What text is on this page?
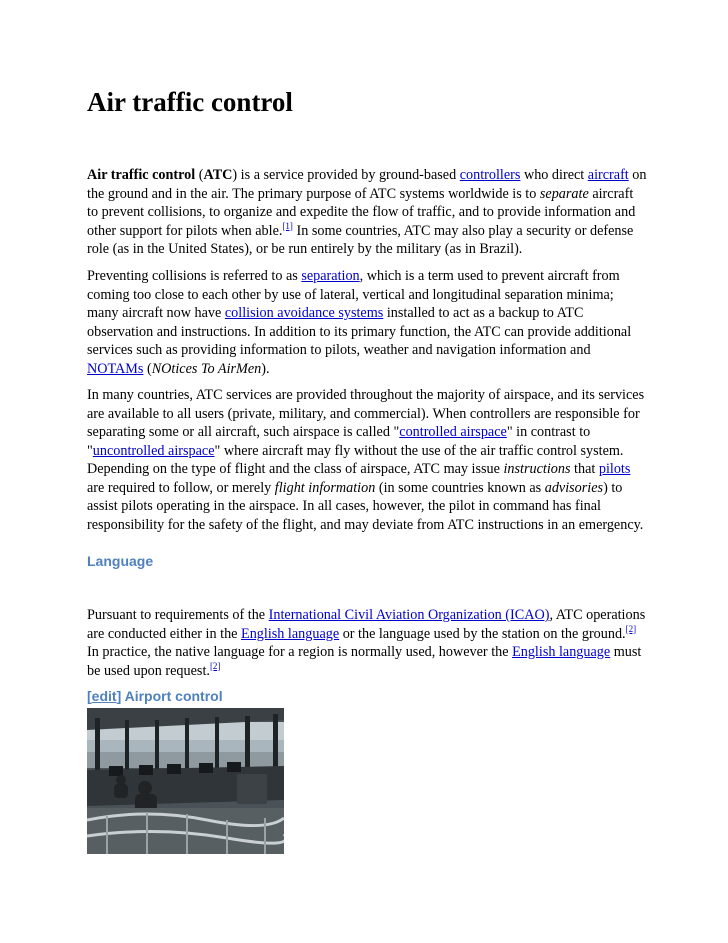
Air traffic control

Air traffic control (ATC) is a service provided by ground-based controllers who direct aircraft on the ground and in the air. The primary purpose of ATC systems worldwide is to separate aircraft to prevent collisions, to organize and expedite the flow of traffic, and to provide information and other support for pilots when able.[1] In some countries, ATC may also play a security or defense role (as in the United States), or be run entirely by the military (as in Brazil).

Preventing collisions is referred to as separation, which is a term used to prevent aircraft from coming too close to each other by use of lateral, vertical and longitudinal separation minima; many aircraft now have collision avoidance systems installed to act as a backup to ATC observation and instructions. In addition to its primary function, the ATC can provide additional services such as providing information to pilots, weather and navigation information and NOTAMs (NOtices To AirMen).

In many countries, ATC services are provided throughout the majority of airspace, and its services are available to all users (private, military, and commercial). When controllers are responsible for separating some or all aircraft, such airspace is called "controlled airspace" in contrast to "uncontrolled airspace" where aircraft may fly without the use of the air traffic control system. Depending on the type of flight and the class of airspace, ATC may issue instructions that pilots are required to follow, or merely flight information (in some countries known as advisories) to assist pilots operating in the airspace. In all cases, however, the pilot in command has final responsibility for the safety of the flight, and may deviate from ATC instructions in an emergency.

Language

Pursuant to requirements of the International Civil Aviation Organization (ICAO), ATC operations are conducted either in the English language or the language used by the station on the ground.[2] In practice, the native language for a region is normally used, however the English language must be used upon request.[2]

[edit] Airport control
